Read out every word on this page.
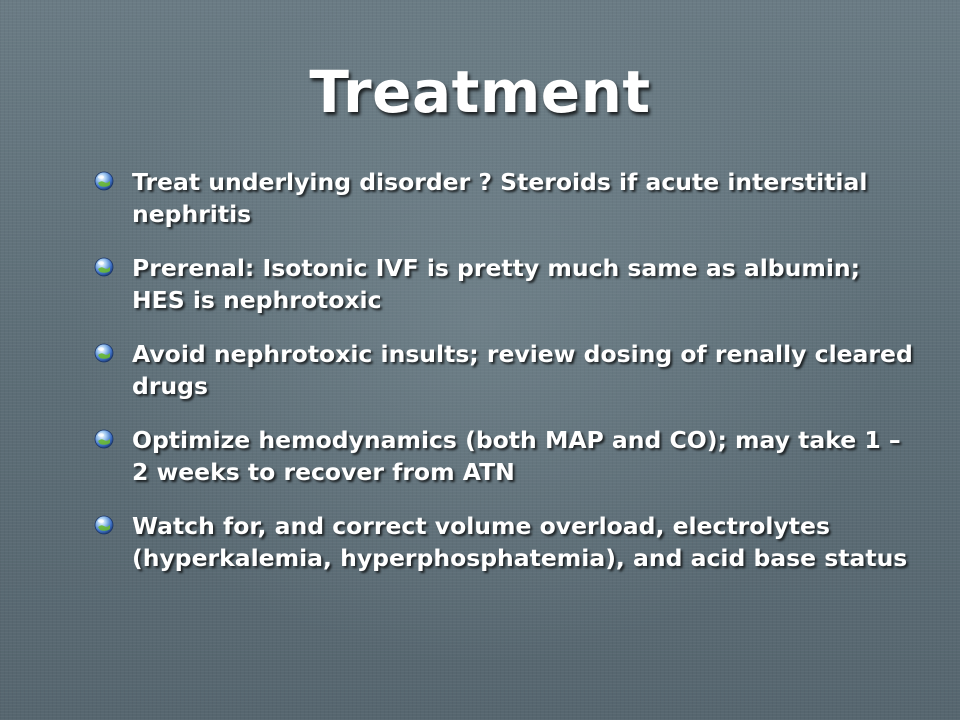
Treatment
Treat underlying disorder ? Steroids if acute interstitial nephritis
Prerenal: Isotonic IVF is pretty much same as albumin; HES is nephrotoxic
Avoid nephrotoxic insults; review dosing of renally cleared drugs
Optimize hemodynamics (both MAP and CO); may take 1 – 2 weeks to recover from ATN
Watch for, and correct volume overload, electrolytes (hyperkalemia, hyperphosphatemia), and acid base status
